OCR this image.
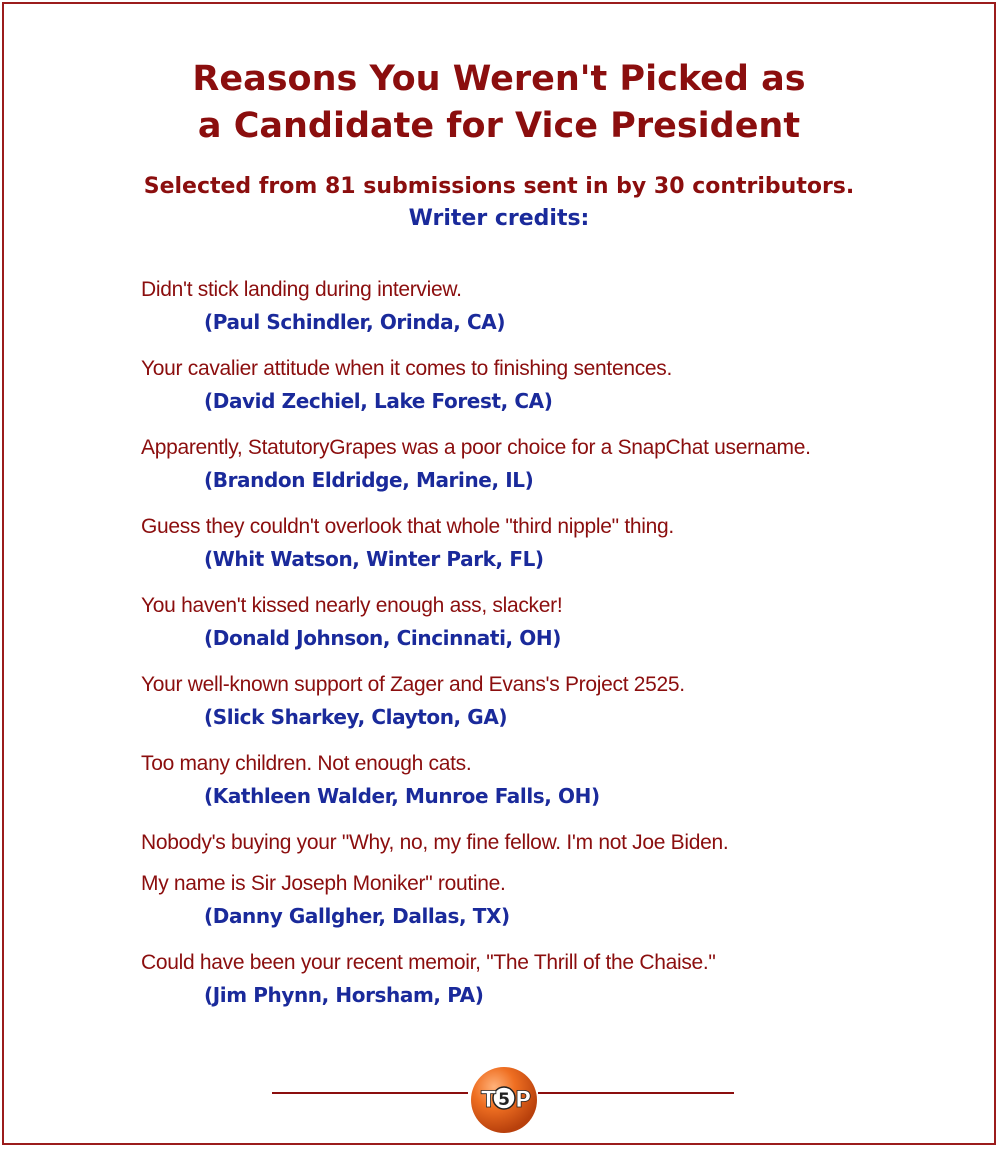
Reasons You Weren't Picked as
a Candidate for Vice President
Selected from 81 submissions sent in by 30 contributors.
Writer credits:
Didn't stick landing during interview.
(Paul Schindler, Orinda, CA)
Your cavalier attitude when it comes to finishing sentences.
(David Zechiel, Lake Forest, CA)
Apparently, StatutoryGrapes was a poor choice for a SnapChat username.
(Brandon Eldridge, Marine, IL)
Guess they couldn't overlook that whole "third nipple" thing.
(Whit Watson, Winter Park, FL)
You haven't kissed nearly enough ass, slacker!
(Donald Johnson, Cincinnati, OH)
Your well-known support of Zager and Evans's Project 2525.
(Slick Sharkey, Clayton, GA)
Too many children. Not enough cats.
(Kathleen Walder, Munroe Falls, OH)
Nobody's buying your "Why, no, my fine fellow. I'm not Joe Biden.
My name is Sir Joseph Moniker" routine.
(Danny Gallgher, Dallas, TX)
Could have been your recent memoir, "The Thrill of the Chaise."
(Jim Phynn, Horsham, PA)
T 5 P
